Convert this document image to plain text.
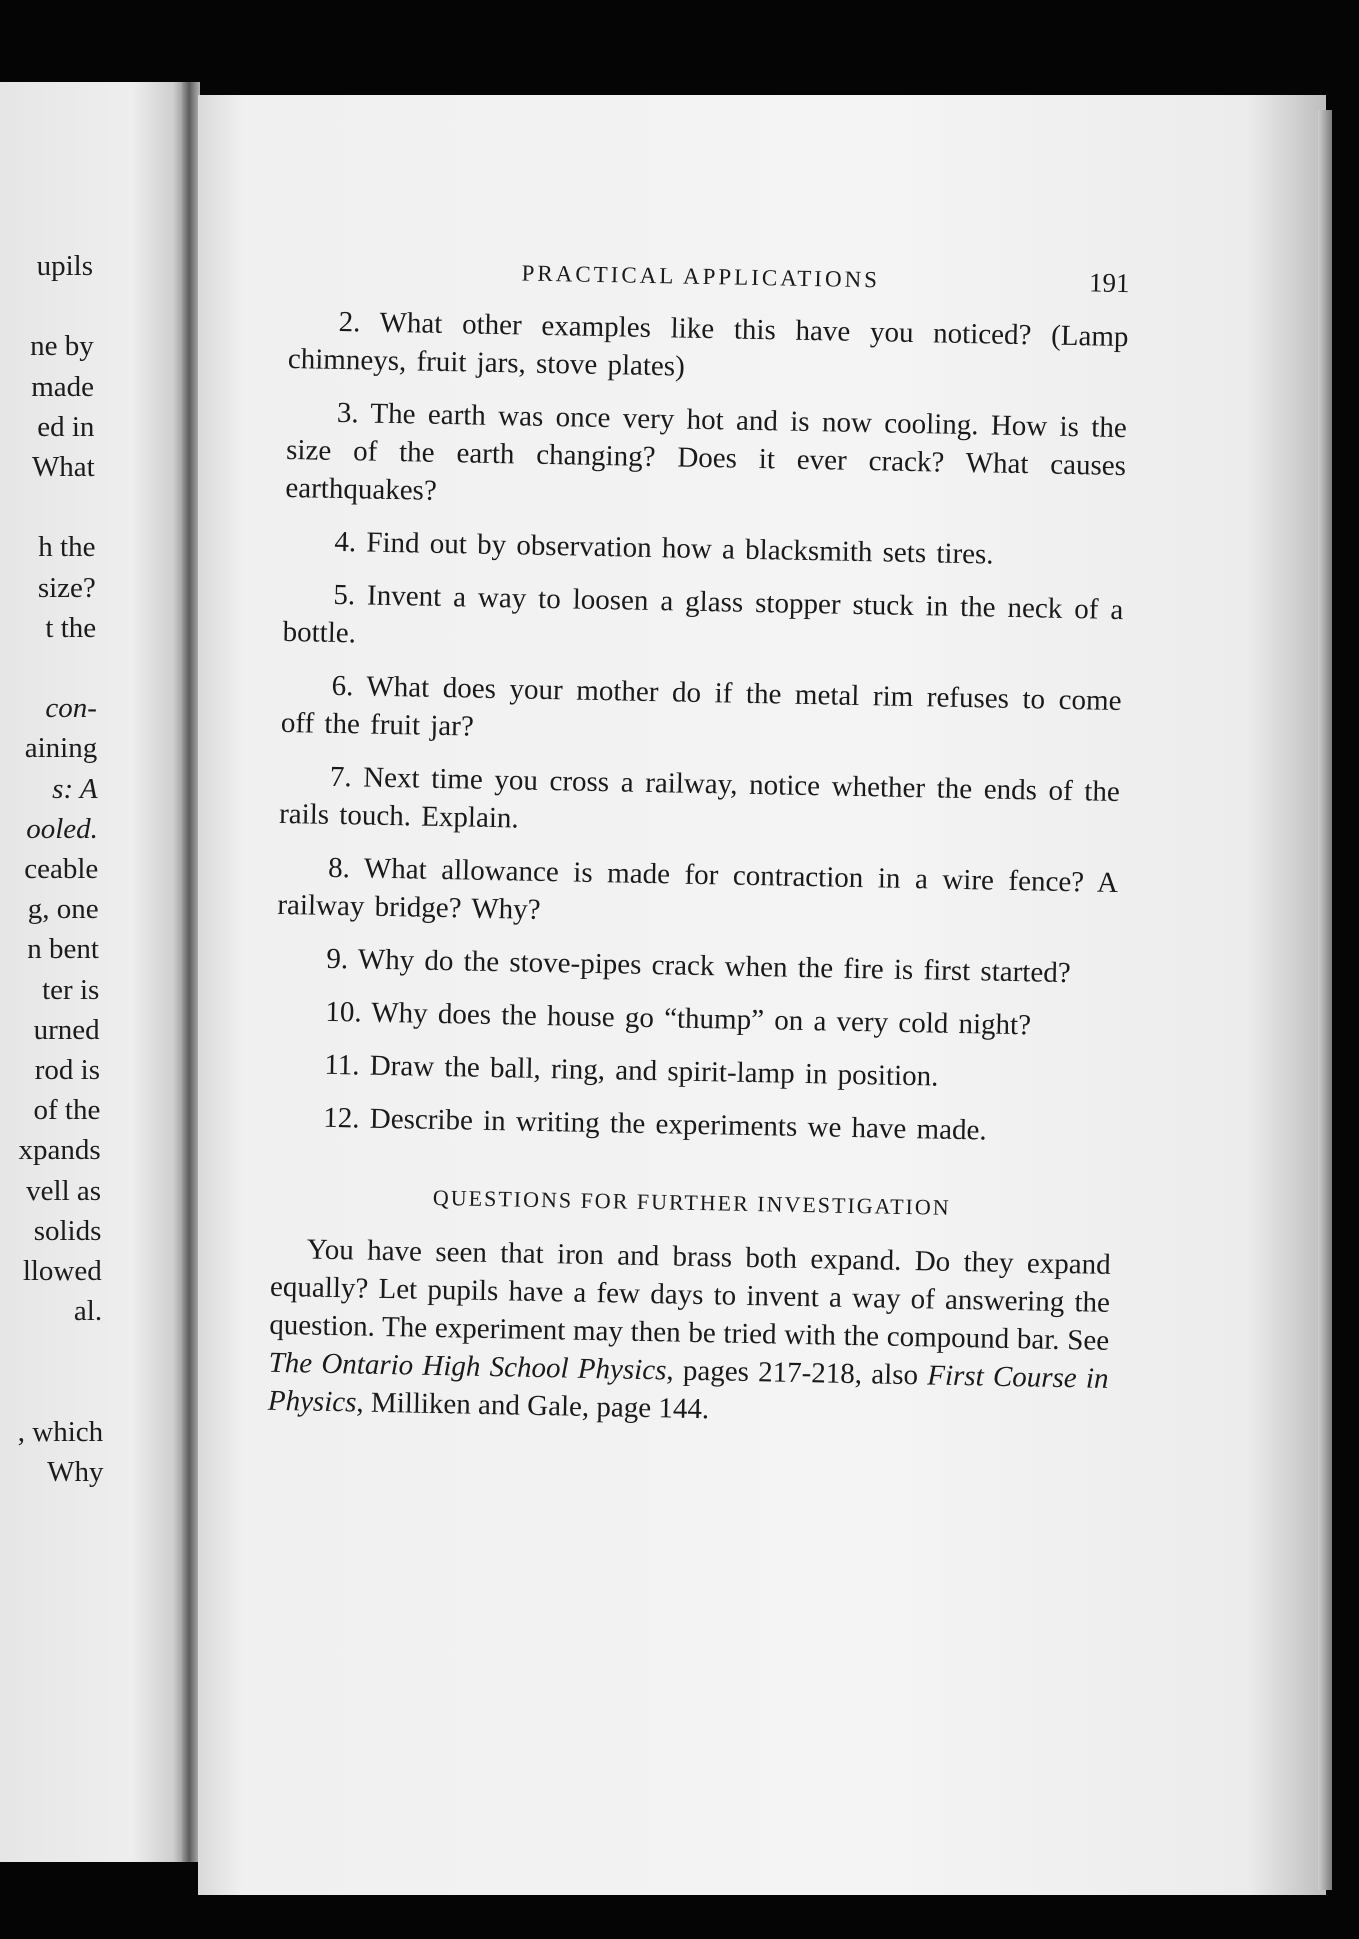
upils

ne by

made

ed in

What

h the

size?

t the

con-

aining

s: A

ooled.

ceable

g, one

n bent

ter is

urned

rod is

of the

xpands

vell as

solids

llowed

al.

, which

Why

PRACTICAL APPLICATIONS	191

2. What other examples like this have you noticed? (Lamp chimneys, fruit jars, stove plates)

3. The earth was once very hot and is now cooling. How is the size of the earth changing? Does it ever crack? What causes earthquakes?

4. Find out by observation how a blacksmith sets tires.

5. Invent a way to loosen a glass stopper stuck in the neck of a bottle.

6. What does your mother do if the metal rim refuses to come off the fruit jar?

7. Next time you cross a railway, notice whether the ends of the rails touch. Explain.

8. What allowance is made for contraction in a wire fence? A railway bridge? Why?

9. Why do the stove-pipes crack when the fire is first started?

10. Why does the house go “thump” on a very cold night?

11. Draw the ball, ring, and spirit-lamp in position.

12. Describe in writing the experiments we have made.

QUESTIONS FOR FURTHER INVESTIGATION

You have seen that iron and brass both expand. Do they expand equally? Let pupils have a few days to invent a way of answering the question. The experiment may then be tried with the compound bar. See The Ontario High School Physics, pages 217-218, also First Course in Physics, Milliken and Gale, page 144.
